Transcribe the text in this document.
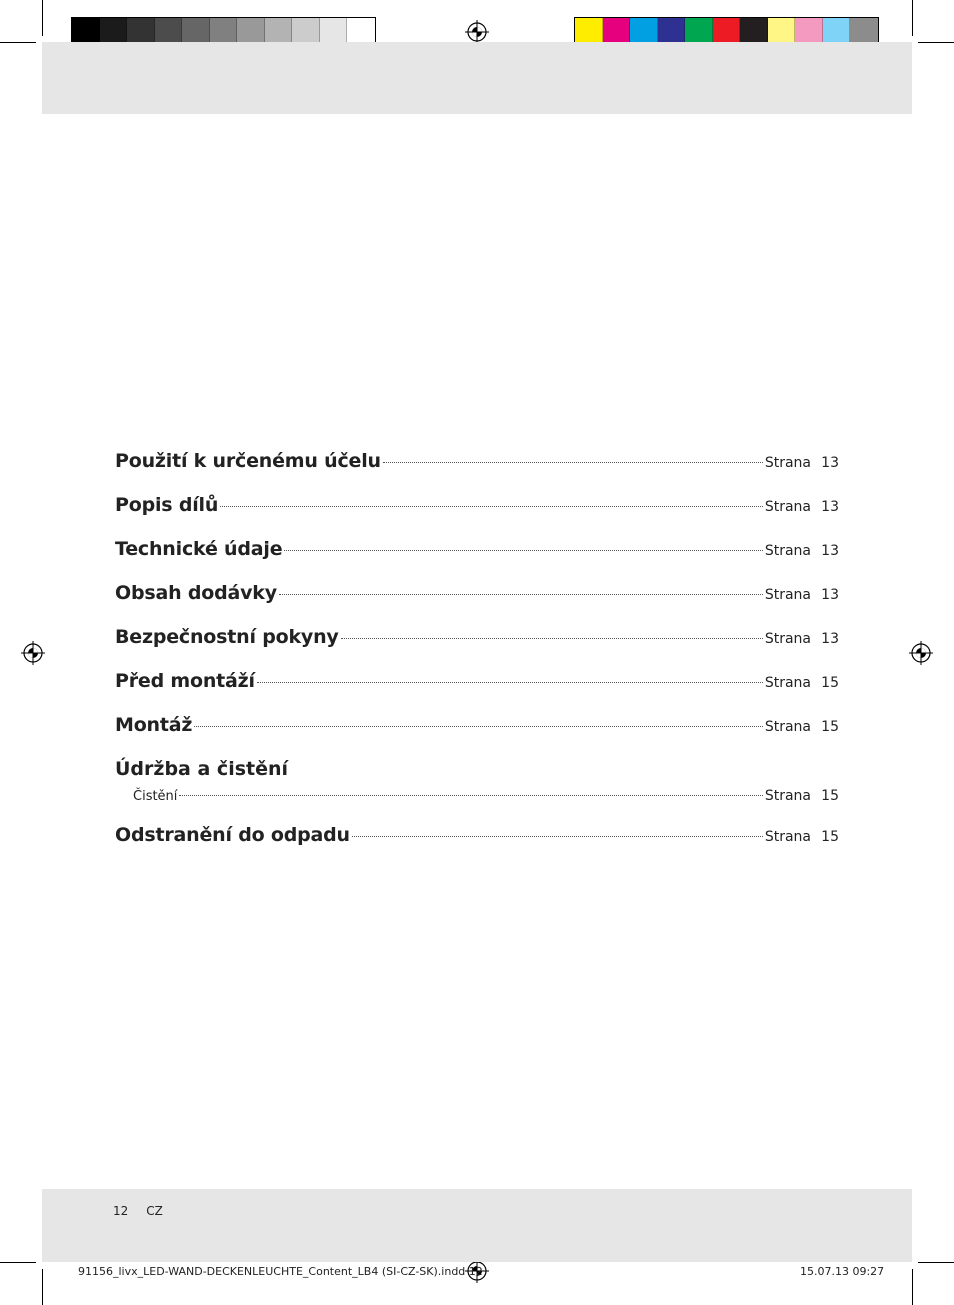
Použití k určenému účelu	Strana 13
Popis dílů	Strana 13
Technické údaje	Strana 13
Obsah dodávky	Strana 13
Bezpečnostní pokyny	Strana 13
Před montáží	Strana 15
Montáž	Strana 15
Údržba a čistění
Čistění	Strana 15
Odstranění do odpadu	Strana 15
12 CZ
91156_livx_LED-WAND-DECKENLEUCHTE_Content_LB4 (SI-CZ-SK).indd 12	15.07.13 09:27
